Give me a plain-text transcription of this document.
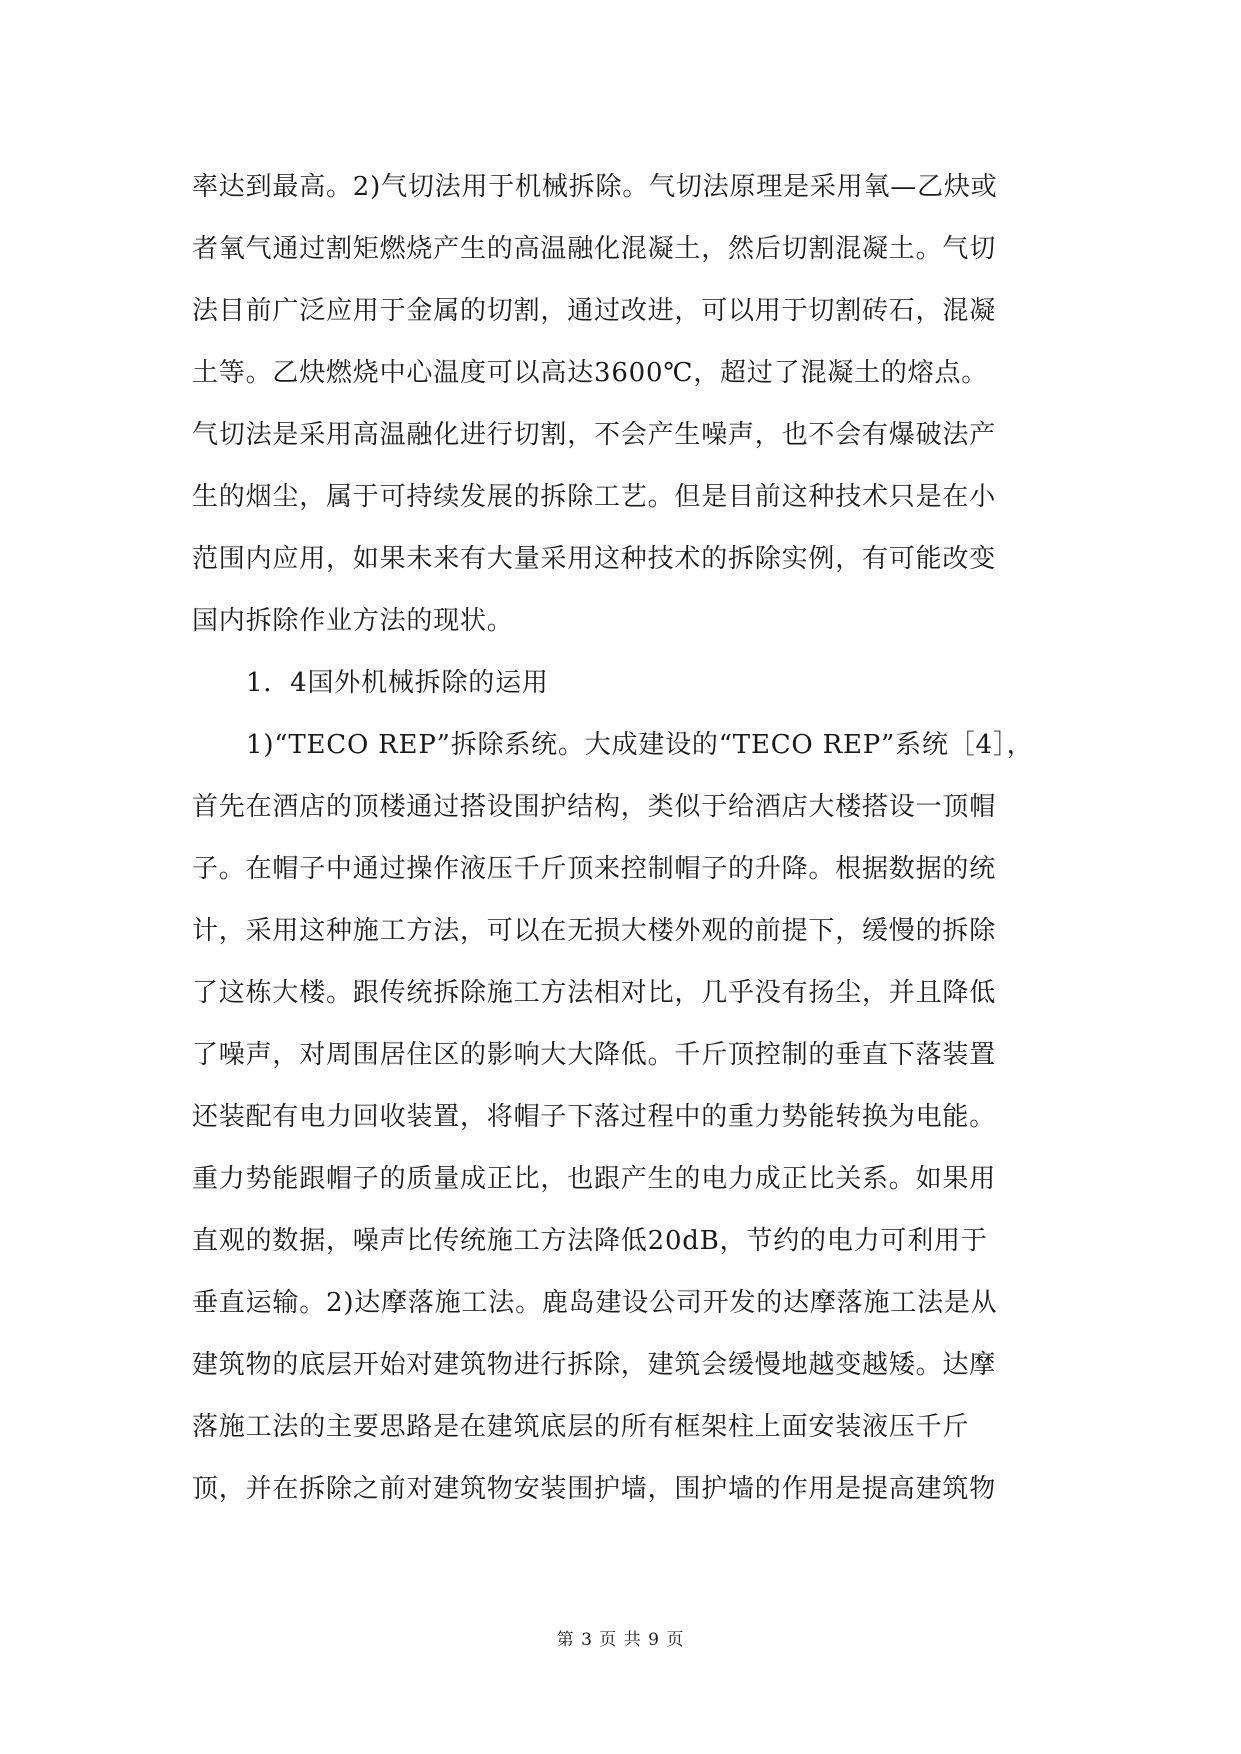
率达到最高。2)气切法用于机械拆除。气切法原理是采用氧—乙炔或
者氧气通过割矩燃烧产生的高温融化混凝土，然后切割混凝土。气切
法目前广泛应用于金属的切割，通过改进，可以用于切割砖石，混凝
土等。乙炔燃烧中心温度可以高达3600℃，超过了混凝土的熔点。
气切法是采用高温融化进行切割，不会产生噪声，也不会有爆破法产
生的烟尘，属于可持续发展的拆除工艺。但是目前这种技术只是在小
范围内应用，如果未来有大量采用这种技术的拆除实例，有可能改变
国内拆除作业方法的现状。
1．4国外机械拆除的运用
1)“TECO REP”拆除系统。大成建设的“TECO REP”系统［4］，
首先在酒店的顶楼通过搭设围护结构，类似于给酒店大楼搭设一顶帽
子。在帽子中通过操作液压千斤顶来控制帽子的升降。根据数据的统
计，采用这种施工方法，可以在无损大楼外观的前提下，缓慢的拆除
了这栋大楼。跟传统拆除施工方法相对比，几乎没有扬尘，并且降低
了噪声，对周围居住区的影响大大降低。千斤顶控制的垂直下落装置
还装配有电力回收装置，将帽子下落过程中的重力势能转换为电能。
重力势能跟帽子的质量成正比，也跟产生的电力成正比关系。如果用
直观的数据，噪声比传统施工方法降低20dB，节约的电力可利用于
垂直运输。2)达摩落施工法。鹿岛建设公司开发的达摩落施工法是从
建筑物的底层开始对建筑物进行拆除，建筑会缓慢地越变越矮。达摩
落施工法的主要思路是在建筑底层的所有框架柱上面安装液压千斤
顶，并在拆除之前对建筑物安装围护墙，围护墙的作用是提高建筑物
第 3 页 共 9 页
